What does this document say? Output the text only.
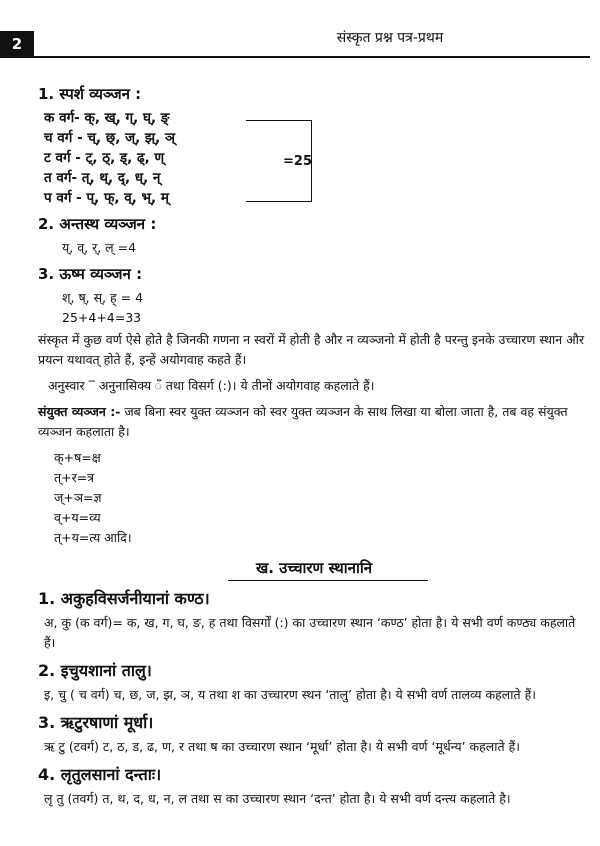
2	संस्कृत प्रश्न पत्र-प्रथम
1. स्पर्श व्यञ्जन :
क वर्ग- क्, ख्, ग्, घ्, ङ्
च वर्ग - च्, छ्, ज्, झ्, ञ्
ट वर्ग - ट्, ठ्, ड्, ढ्, ण्
त वर्ग- त्, थ्, द्, ध्, न्
प वर्ग - प्, फ्, व्, भ्, म्
=25
2. अन्तस्थ व्यञ्जन :
य्, व्, र्, ल् =4
3. ऊष्म व्यञ्जन :
श्, ष्, स्, ह् = 4
25+4+4=33
संस्कृत में कुछ वर्ण ऐसे होते है जिनकी गणना न स्वरों में होती है और न व्यञ्जनो में होती है परन्तु इनके उच्चारण स्थान और प्रयत्न यथावत् होते हैं, इन्हें अयोगवाह कहते हैं।
अनुस्वार ‾ अनुनासिक्य ँ तथा विसर्ग (:)। ये तीनों अयोगवाह कहलाते हैं।
संयुक्त व्यञ्जन :- जब बिना स्वर युक्त व्यञ्जन को स्वर युक्त व्यञ्जन के साथ लिखा या बोला जाता है, तब वह संयुक्त व्यञ्जन कहलाता है।
क्+ष=क्ष
त्+र=त्र
ज्+ञ=ज्ञ
व्+य=व्य
त्+य=त्य आदि।
ख. उच्चारण स्थानानि
1. अकुहविसर्जनीयानां कण्ठ।
अ, कु (क वर्ग)= क, ख, ग, घ, ङ, ह तथा विसर्गों (:) का उच्चारण स्थान ‘कण्ठ’ होता है। ये सभी वर्ण कण्ठ्य कहलाते हैं।
2. इचुयशानां तालु।
इ, चु ( च वर्ग) च, छ, ज, झ, ञ, य तथा श का उच्चारण स्थन ‘तालु’ होता है। ये सभी वर्ण तालव्य कहलाते हैं।
3. ऋटुरषाणां मूर्धा।
ऋ टु (टवर्ग) ट, ठ, ड, ढ, ण, र तथा ष का उच्चारण स्थान ‘मूर्धा’ होता है। ये सभी वर्ण ‘मूर्धन्य’ कहलाते हैं।
4. लृतुलसानां दन्ताः।
लृ तु (तवर्ग) त, थ, द, ध, न, ल तथा स का उच्चारण स्थान ‘दन्त’ होता है। ये सभी वर्ण दन्त्य कहलाते है।
